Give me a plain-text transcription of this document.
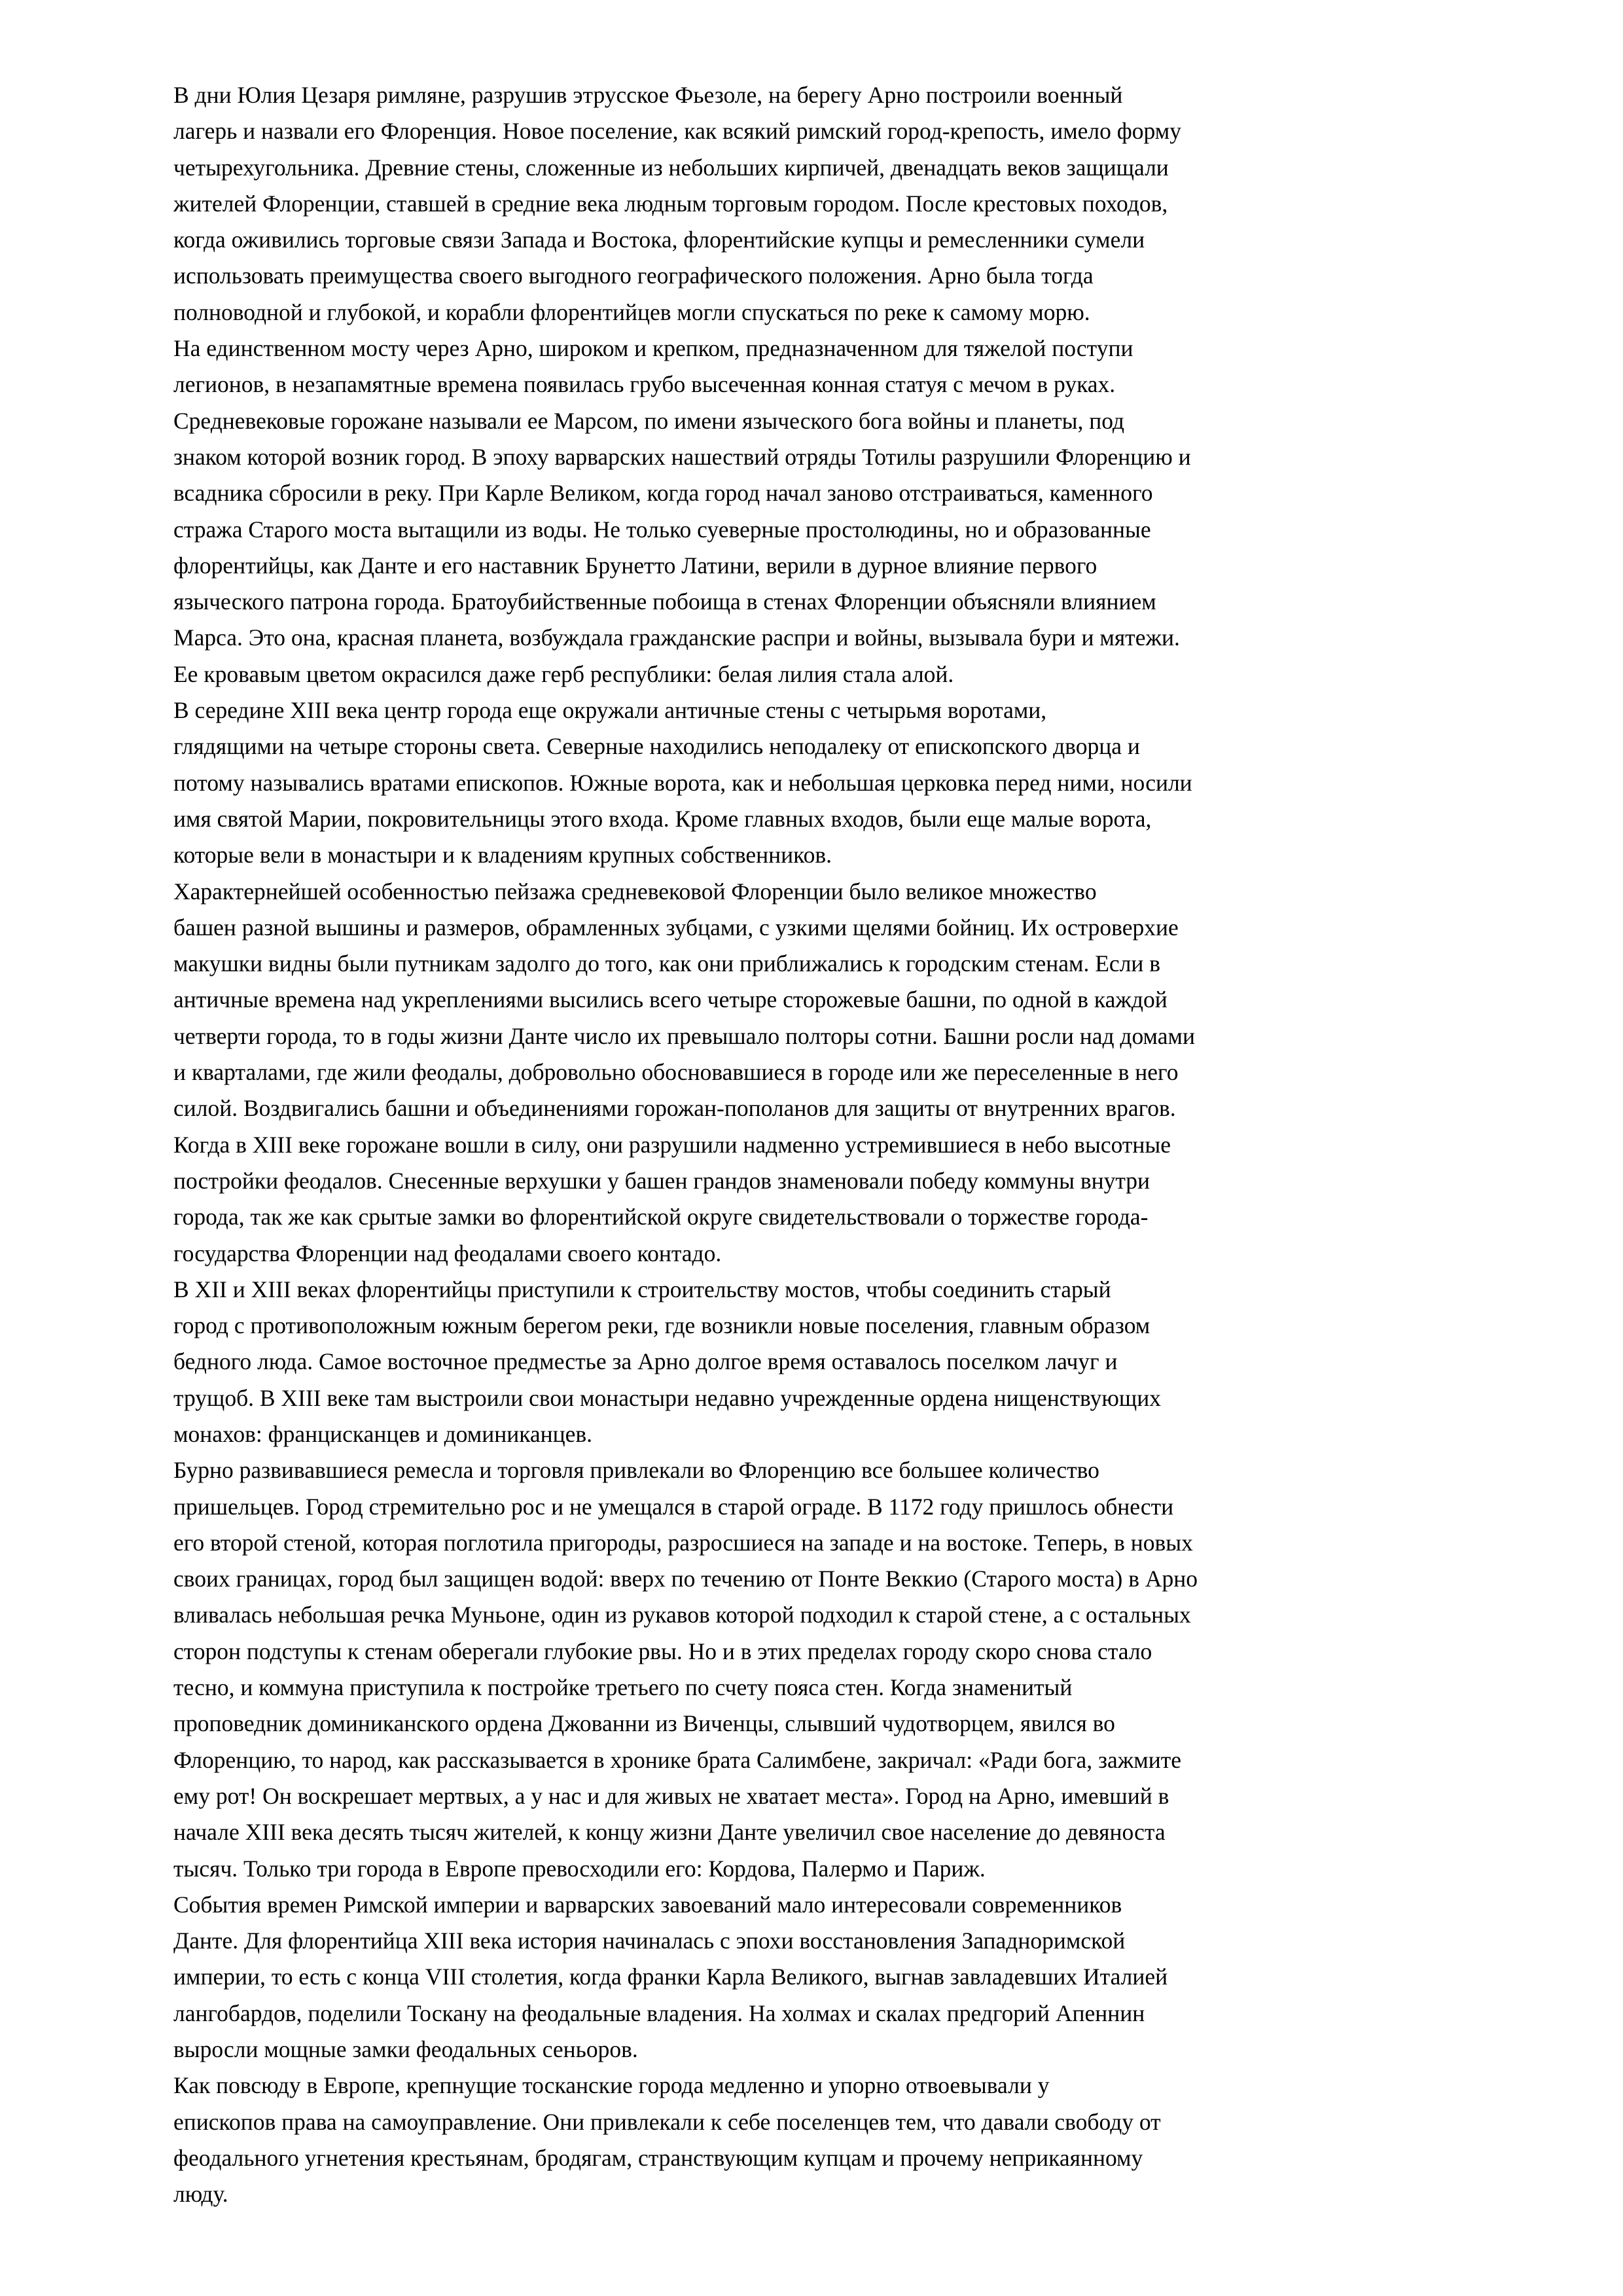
В дни Юлия Цезаря римляне, разрушив этрусское Фьезоле, на берегу Арно построили военный
лагерь и назвали его Флоренция. Новое поселение, как всякий римский город-крепость, имело форму
четырехугольника. Древние стены, сложенные из небольших кирпичей, двенадцать веков защищали
жителей Флоренции, ставшей в средние века людным торговым городом. После крестовых походов,
когда оживились торговые связи Запада и Востока, флорентийские купцы и ремесленники сумели
использовать преимущества своего выгодного географического положения. Арно была тогда
полноводной и глубокой, и корабли флорентийцев могли спускаться по реке к самому морю.

На единственном мосту через Арно, широком и крепком, предназначенном для тяжелой поступи
легионов, в незапамятные времена появилась грубо высеченная конная статуя с мечом в руках.
Средневековые горожане называли ее Марсом, по имени языческого бога войны и планеты, под
знаком которой возник город. В эпоху варварских нашествий отряды Тотилы разрушили Флоренцию и
всадника сбросили в реку. При Карле Великом, когда город начал заново отстраиваться, каменного
стража Старого моста вытащили из воды. Не только суеверные простолюдины, но и образованные
флорентийцы, как Данте и его наставник Брунетто Латини, верили в дурное влияние первого
языческого патрона города. Братоубийственные побоища в стенах Флоренции объясняли влиянием
Марса. Это она, красная планета, возбуждала гражданские распри и войны, вызывала бури и мятежи.
Ее кровавым цветом окрасился даже герб республики: белая лилия стала алой.

В середине XIII века центр города еще окружали античные стены с четырьмя воротами,
глядящими на четыре стороны света. Северные находились неподалеку от епископского дворца и
потому назывались вратами епископов. Южные ворота, как и небольшая церковка перед ними, носили
имя святой Марии, покровительницы этого входа. Кроме главных входов, были еще малые ворота,
которые вели в монастыри и к владениям крупных собственников.

Характернейшей особенностью пейзажа средневековой Флоренции было великое множество
башен разной вышины и размеров, обрамленных зубцами, с узкими щелями бойниц. Их островерхие
макушки видны были путникам задолго до того, как они приближались к городским стенам. Если в
античные времена над укреплениями высились всего четыре сторожевые башни, по одной в каждой
четверти города, то в годы жизни Данте число их превышало полторы сотни. Башни росли над домами
и кварталами, где жили феодалы, добровольно обосновавшиеся в городе или же переселенные в него
силой. Воздвигались башни и объединениями горожан-пополанов для защиты от внутренних врагов.
Когда в XIII веке горожане вошли в силу, они разрушили надменно устремившиеся в небо высотные
постройки феодалов. Снесенные верхушки у башен грандов знаменовали победу коммуны внутри
города, так же как срытые замки во флорентийской округе свидетельствовали о торжестве города-
государства Флоренции над феодалами своего контадо.

В XII и XIII веках флорентийцы приступили к строительству мостов, чтобы соединить старый
город с противоположным южным берегом реки, где возникли новые поселения, главным образом
бедного люда. Самое восточное предместье за Арно долгое время оставалось поселком лачуг и
трущоб. В XIII веке там выстроили свои монастыри недавно учрежденные ордена нищенствующих
монахов: францисканцев и доминиканцев.

Бурно развивавшиеся ремесла и торговля привлекали во Флоренцию все большее количество
пришельцев. Город стремительно рос и не умещался в старой ограде. В 1172 году пришлось обнести
его второй стеной, которая поглотила пригороды, разросшиеся на западе и на востоке. Теперь, в новых
своих границах, город был защищен водой: вверх по течению от Понте Веккио (Старого моста) в Арно
вливалась небольшая речка Муньоне, один из рукавов которой подходил к старой стене, а с остальных
сторон подступы к стенам оберегали глубокие рвы. Но и в этих пределах городу скоро снова стало
тесно, и коммуна приступила к постройке третьего по счету пояса стен. Когда знаменитый
проповедник доминиканского ордена Джованни из Виченцы, слывший чудотворцем, явился во
Флоренцию, то народ, как рассказывается в хронике брата Салимбене, закричал: «Ради бога, зажмите
ему рот! Он воскрешает мертвых, а у нас и для живых не хватает места». Город на Арно, имевший в
начале XIII века десять тысяч жителей, к концу жизни Данте увеличил свое население до девяноста
тысяч. Только три города в Европе превосходили его: Кордова, Палермо и Париж.

События времен Римской империи и варварских завоеваний мало интересовали современников
Данте. Для флорентийца XIII века история начиналась с эпохи восстановления Западноримской
империи, то есть с конца VIII столетия, когда франки Карла Великого, выгнав завладевших Италией
лангобардов, поделили Тоскану на феодальные владения. На холмах и скалах предгорий Апеннин
выросли мощные замки феодальных сеньоров.

Как повсюду в Европе, крепнущие тосканские города медленно и упорно отвоевывали у
епископов права на самоуправление. Они привлекали к себе поселенцев тем, что давали свободу от
феодального угнетения крестьянам, бродягам, странствующим купцам и прочему неприкаянному
люду.
